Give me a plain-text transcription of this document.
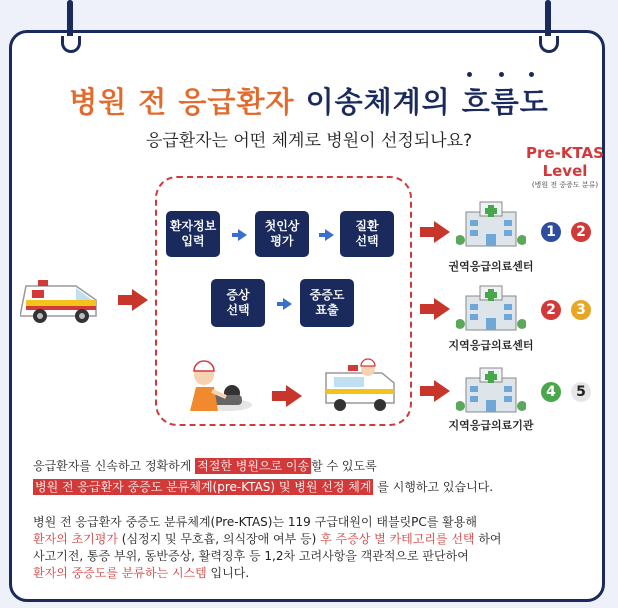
병원 전 응급환자 이송체계의 흐름도
응급환자는 어떤 체계로 병원이 선정되나요?
Pre-KTAS
Level
(병원 전 중증도 분류)
환자정보
입력
첫인상
평가
질환
선택
증상
선택
중증도
표출
권역응급의료센터
지역응급의료센터
지역응급의료기관
1	2
2	3
4	5
응급환자를 신속하고 정확하게 적절한 병원으로 이송 할 수 있도록
병원 전 응급환자 중증도 분류체계(pre-KTAS) 및 병원 선정 체계 를 시행하고 있습니다.
병원 전 응급환자 중증도 분류체계(Pre-KTAS)는 119 구급대원이 태블릿PC를 활용해
환자의 초기평가 (심정지 및 무호흡, 의식장애 여부 등) 후 주증상 별 카테고리를 선택 하여
사고기전, 통증 부위, 동반증상, 활력징후 등 1,2차 고려사항을 객관적으로 판단하여
환자의 중증도를 분류하는 시스템 입니다.
